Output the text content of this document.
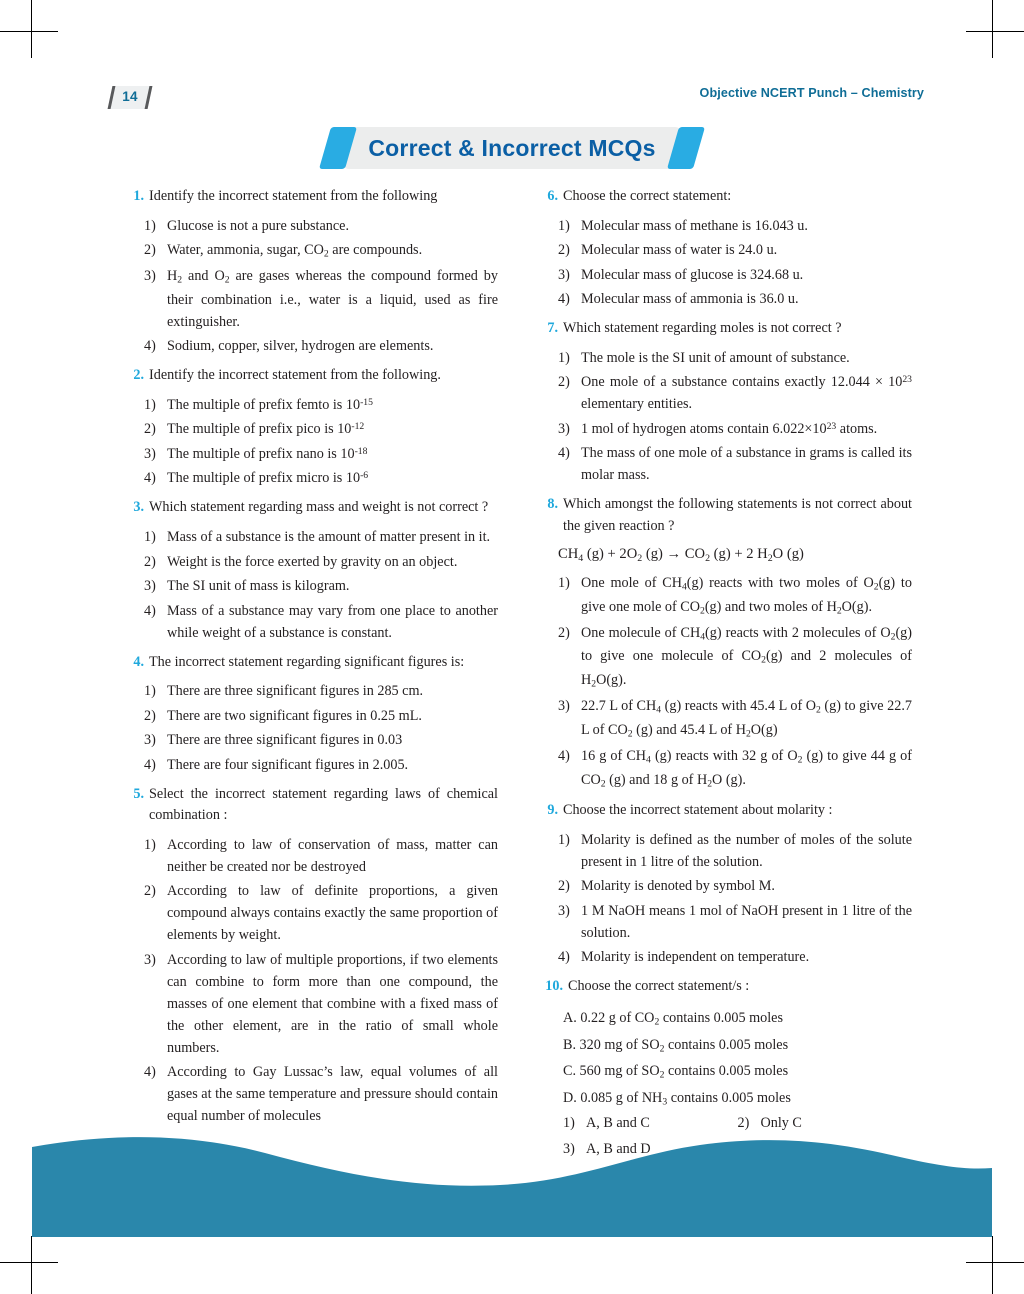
14	Objective NCERT Punch – Chemistry
Correct & Incorrect MCQs
1. Identify the incorrect statement from the following
1) Glucose is not a pure substance.
2) Water, ammonia, sugar, $CO_2$ are compounds.
3) $H_2$ and $O_2$ are gases whereas the compound formed by their combination i.e., water is a liquid, used as fire extinguisher.
4) Sodium, copper, silver, hydrogen are elements.
2. Identify the incorrect statement from the following.
1) The multiple of prefix femto is $10^{-15}$
2) The multiple of prefix pico is $10^{-12}$
3) The multiple of prefix nano is $10^{-18}$
4) The multiple of prefix micro is $10^{-6}$
3. Which statement regarding mass and weight is not correct ?
1) Mass of a substance is the amount of matter present in it.
2) Weight is the force exerted by gravity on an object.
3) The SI unit of mass is kilogram.
4) Mass of a substance may vary from one place to another while weight of a substance is constant.
4. The incorrect statement regarding significant figures is:
1) There are three significant figures in 285 cm.
2) There are two significant figures in 0.25 mL.
3) There are three significant figures in 0.03
4) There are four significant figures in 2.005.
5. Select the incorrect statement regarding laws of chemical combination :
1) According to law of conservation of mass, matter can neither be created nor be destroyed
2) According to law of definite proportions, a given compound always contains exactly the same proportion of elements by weight.
3) According to law of multiple proportions, if two elements can combine to form more than one compound, the masses of one element that combine with a fixed mass of the other element, are in the ratio of small whole numbers.
4) According to Gay Lussac’s law, equal volumes of all gases at the same temperature and pressure should contain equal number of molecules
6. Choose the correct statement:
1) Molecular mass of methane is 16.043 u.
2) Molecular mass of water is 24.0 u.
3) Molecular mass of glucose is 324.68 u.
4) Molecular mass of ammonia is 36.0 u.
7. Which statement regarding moles is not correct ?
1) The mole is the SI unit of amount of substance.
2) One mole of a substance contains exactly $12.044 \times 10^{23}$ elementary entities.
3) 1 mol of hydrogen atoms contain $6.022\times 10^{23}$ atoms.
4) The mass of one mole of a substance in grams is called its molar mass.
8. Which amongst the following statements is not correct about the given reaction ?
$CH_4$ $(g) + 2O_2$ $(g) \to CO_2$ (g) + 2 $H_2O$ (g)
1) One mole of $CH_4(g)$ reacts with two moles of $O_2(g)$ to give one mole of $CO_2(g)$ and two moles of $H_2O(g)$.
2) One molecule of $CH_4(g)$ reacts with 2 molecules of $O_2(g)$ to give one molecule of $CO_2(g)$ and 2 molecules of $H_2O(g)$.
3) 22.7 L of $CH_4$ (g) reacts with 45.4 L of $O_2$ (g) to give 22.7 L of $CO_2$ (g) and 45.4 L of $H_2O(g)$
4) 16 g of $CH_4$ (g) reacts with 32 g of $O_2$ (g) to give 44 g of $CO_2$ (g) and 18 g of $H_2O$ (g).
9. Choose the incorrect statement about molarity :
1) Molarity is defined as the number of moles of the solute present in 1 litre of the solution.
2) Molarity is denoted by symbol M.
3) 1 M NaOH means 1 mol of NaOH present in 1 litre of the solution.
4) Molarity is independent on temperature.
10. Choose the correct statement/s :
A. 0.22 g of $CO_2$ contains 0.005 moles
B. 320 mg of $SO_2$ contains 0.005 moles
C. 560 mg of $SO_2$ contains 0.005 moles
D. 0.085 g of $NH_3$ contains 0.005 moles
1) A, B and C	2) Only C
3) A, B and D
